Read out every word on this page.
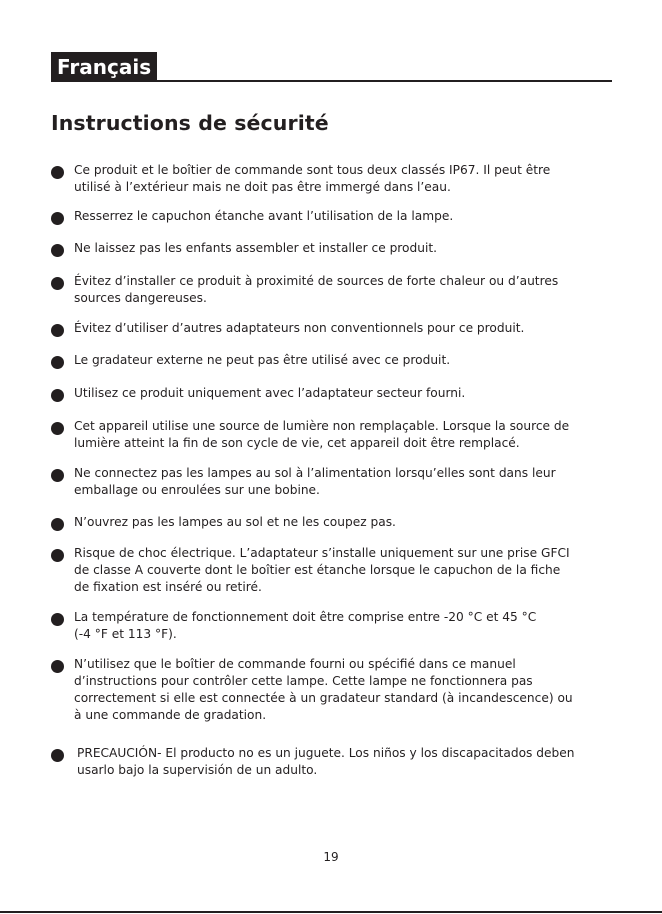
Français
Instructions de sécurité
Ce produit et le boîtier de commande sont tous deux classés IP67. Il peut être
utilisé à l’extérieur mais ne doit pas être immergé dans l’eau.
Resserrez le capuchon étanche avant l’utilisation de la lampe.
Ne laissez pas les enfants assembler et installer ce produit.
Évitez d’installer ce produit à proximité de sources de forte chaleur ou d’autres
sources dangereuses.
Évitez d’utiliser d’autres adaptateurs non conventionnels pour ce produit.
Le gradateur externe ne peut pas être utilisé avec ce produit.
Utilisez ce produit uniquement avec l’adaptateur secteur fourni.
Cet appareil utilise une source de lumière non remplaçable. Lorsque la source de
lumière atteint la fin de son cycle de vie, cet appareil doit être remplacé.
Ne connectez pas les lampes au sol à l’alimentation lorsqu’elles sont dans leur
emballage ou enroulées sur une bobine.
N’ouvrez pas les lampes au sol et ne les coupez pas.
Risque de choc électrique. L’adaptateur s’installe uniquement sur une prise GFCI
de classe A couverte dont le boîtier est étanche lorsque le capuchon de la fiche
de fixation est inséré ou retiré.
La température de fonctionnement doit être comprise entre -20 °C et 45 °C
(-4 °F et 113 °F).
N’utilisez que le boîtier de commande fourni ou spécifié dans ce manuel
d’instructions pour contrôler cette lampe. Cette lampe ne fonctionnera pas
correctement si elle est connectée à un gradateur standard (à incandescence) ou
à une commande de gradation.
PRECAUCIÓN- El producto no es un juguete. Los niños y los discapacitados deben
usarlo bajo la supervisión de un adulto.
19
